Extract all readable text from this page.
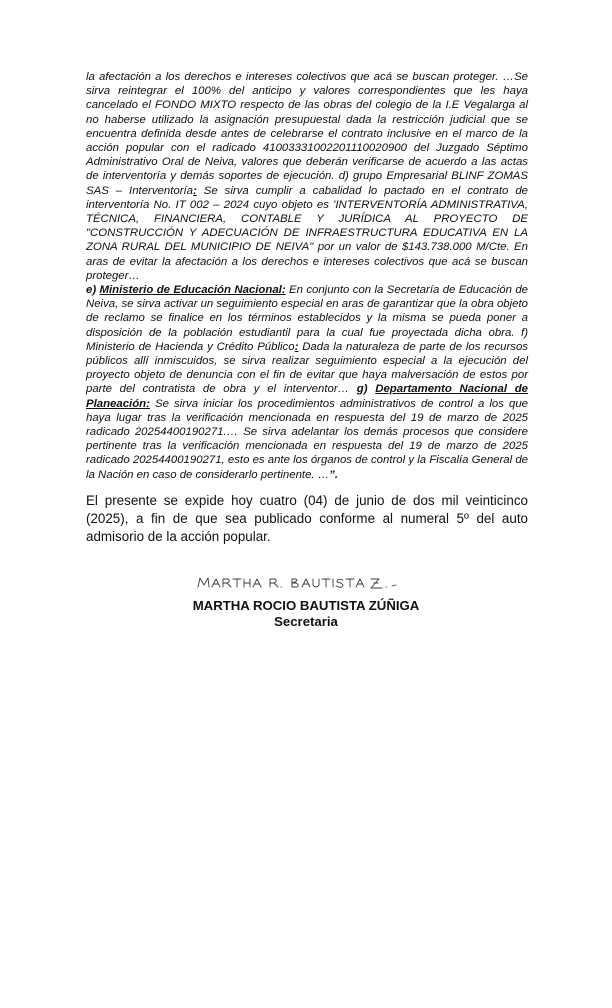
la afectación a los derechos e intereses colectivos que acá se buscan proteger. …Se sirva reintegrar el 100% del anticipo y valores correspondientes que les haya cancelado el FONDO MIXTO respecto de las obras del colegio de la I.E Vegalarga al no haberse utilizado la asignación presupuestal dada la restricción judicial que se encuentra definida desde antes de celebrarse el contrato inclusive en el marco de la acción popular con el radicado 41003331002201110020900 del Juzgado Séptimo Administrativo Oral de Neiva, valores que deberán verificarse de acuerdo a las actas de interventoría y demás soportes de ejecución. d) grupo Empresarial BLINF ZOMAS SAS – Interventoría: Se sirva cumplir a cabalidad lo pactado en el contrato de interventoría No. IT 002 – 2024 cuyo objeto es 'INTERVENTORÍA ADMINISTRATIVA, TÉCNICA, FINANCIERA, CONTABLE Y JURÍDICA AL PROYECTO DE "CONSTRUCCIÓN Y ADECUACIÓN DE INFRAESTRUCTURA EDUCATIVA EN LA ZONA RURAL DEL MUNICIPIO DE NEIVA" por un valor de $143.738.000 M/Cte. En aras de evitar la afectación a los derechos e intereses colectivos que acá se buscan proteger…

e) Ministerio de Educación Nacional: En conjunto con la Secretaría de Educación de Neiva, se sirva activar un seguimiento especial en aras de garantizar que la obra objeto de reclamo se finalice en los términos establecidos y la misma se pueda poner a disposición de la población estudiantil para la cual fue proyectada dicha obra. f) Ministerio de Hacienda y Crédito Público: Dada la naturaleza de parte de los recursos públicos allí inmiscuidos, se sirva realizar seguimiento especial a la ejecución del proyecto objeto de denuncia con el fin de evitar que haya malversación de estos por parte del contratista de obra y el interventor… g) Departamento Nacional de Planeación: Se sirva iniciar los procedimientos administrativos de control a los que haya lugar tras la verificación mencionada en respuesta del 19 de marzo de 2025 radicado 20254400190271.… Se sirva adelantar los demás procesos que considere pertinente tras la verificación mencionada en respuesta del 19 de marzo de 2025 radicado 20254400190271, esto es ante los órganos de control y la Fiscalía General de la Nación en caso de considerarlo pertinente. …”.

El presente se expide hoy cuatro (04) de junio de dos mil veinticinco (2025), a fin de que sea publicado conforme al numeral 5º del auto admisorio de la acción popular.

MARTHA ROCIO BAUTISTA ZÚÑIGA
Secretaria
